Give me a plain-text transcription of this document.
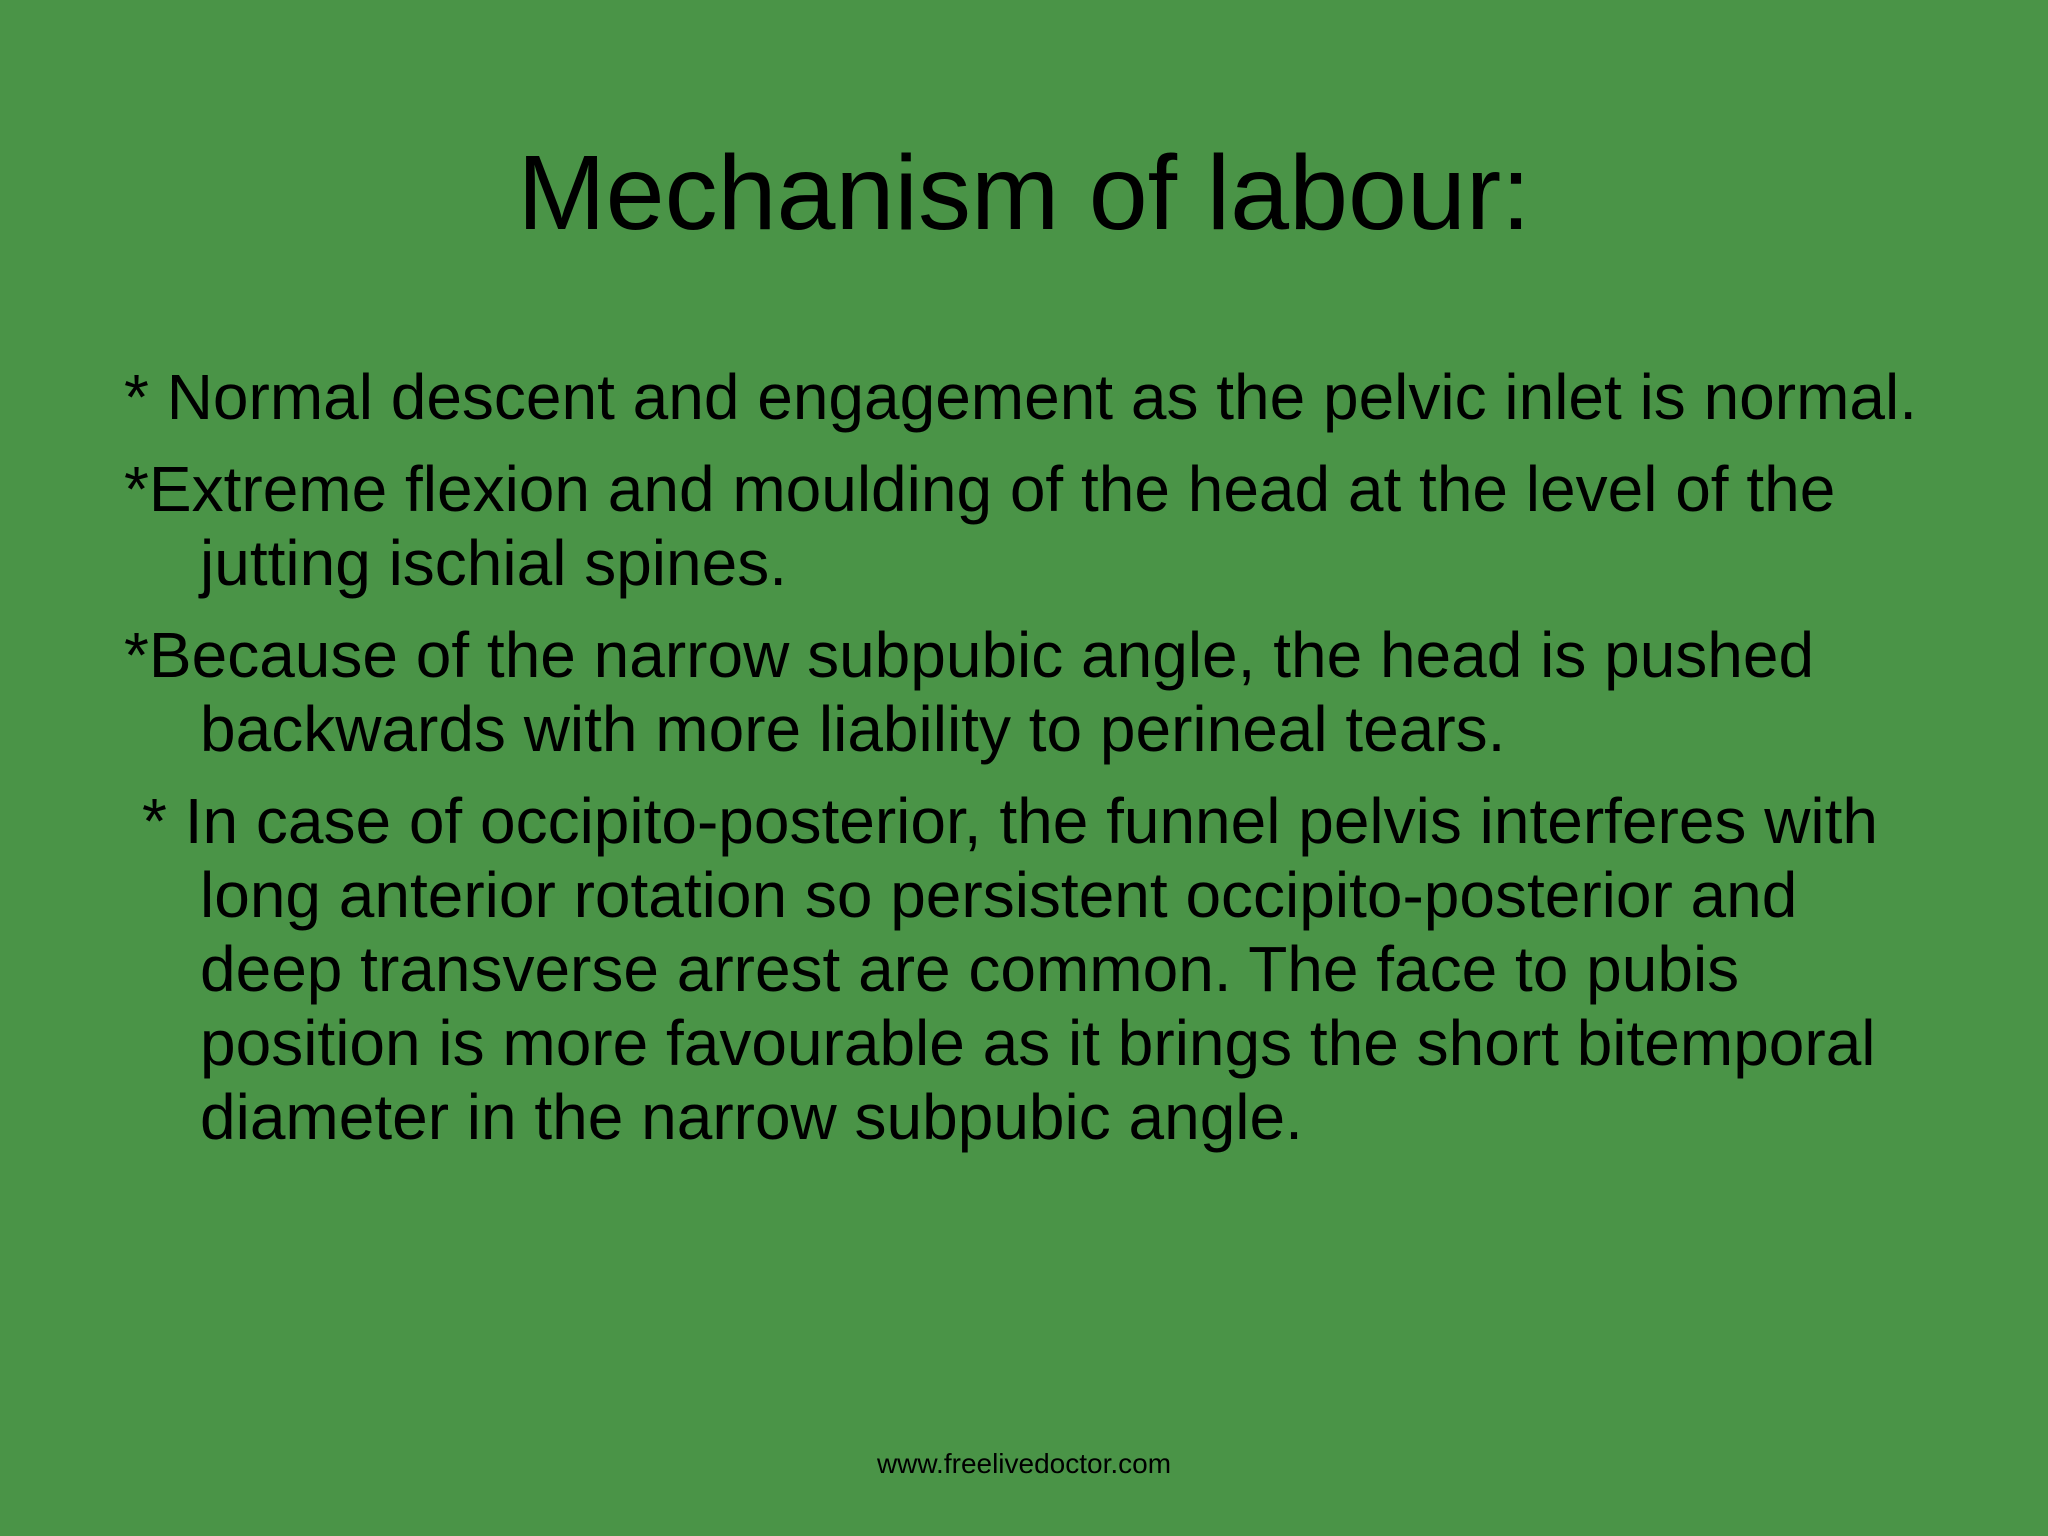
Mechanism of labour:
* Normal descent and engagement as the pelvic inlet is normal.
*Extreme flexion and moulding of the head at the level of the jutting ischial spines.
*Because of the narrow subpubic angle, the head is pushed backwards with more liability to perineal tears.
* In case of occipito-posterior, the funnel pelvis interferes with long anterior rotation so persistent occipito-posterior and deep transverse arrest are common. The face to pubis position is more favourable as it brings the short bitemporal diameter in the narrow subpubic angle.
www.freelivedoctor.com
